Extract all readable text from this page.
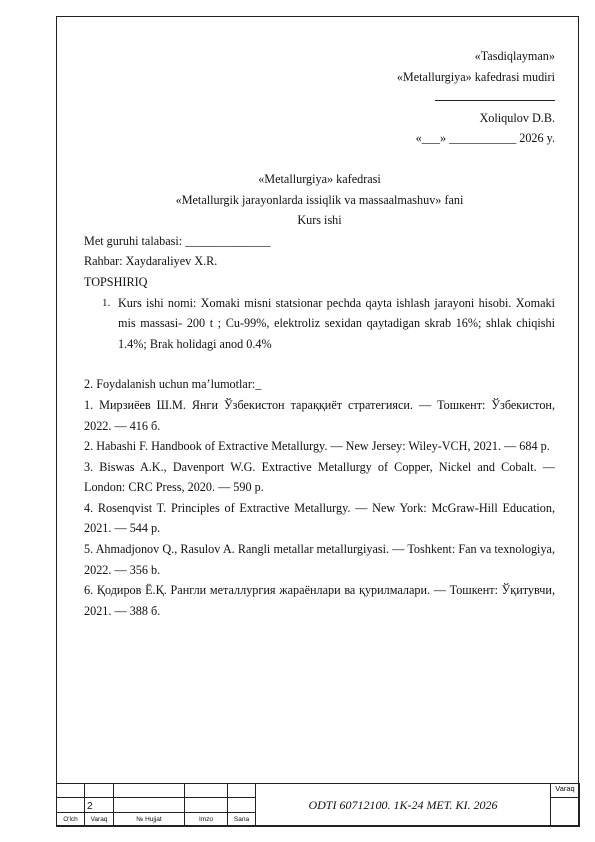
«Tasdiqlayman»
«Metallurgiya» kafedrasi mudiri
Xoliqulov D.B.
«___» ___________ 2026 y.
«Metallurgiya» kafedrasi
«Metallurgik jarayonlarda issiqlik va massaalmashuv» fani
Kurs ishi
Met guruhi talabasi: ______________
Rahbar: Xaydaraliyev X.R.
TOPSHIRIQ
1. Kurs ishi nomi: Xomaki misni statsionar pechda qayta ishlash jarayoni hisobi. Xomaki mis massasi- 200 t ; Cu-99%, elektroliz sexidan qaytadigan skrab 16%; shlak chiqishi 1.4%; Brak holidagi anod 0.4%
2. Foydalanish uchun ma’lumotlar:_
1. Мирзиёев Ш.М. Янги Ўзбекистон тараққиёт стратегияси. — Тошкент: Ўзбекистон, 2022. — 416 б.
2. Habashi F. Handbook of Extractive Metallurgy. — New Jersey: Wiley-VCH, 2021. — 684 p.
3. Biswas A.K., Davenport W.G. Extractive Metallurgy of Copper, Nickel and Cobalt. — London: CRC Press, 2020. — 590 p.
4. Rosenqvist T. Principles of Extractive Metallurgy. — New York: McGraw-Hill Education, 2021. — 544 p.
5. Ahmadjonov Q., Rasulov A. Rangli metallar metallurgiyasi. — Toshkent: Fan va texnologiya, 2022. — 356 b.
6. Қодиров Ё.Қ. Рангли металлургия жараёнлари ва қурилмалари. — Тошкент: Ўқитувчи, 2021. — 388 б.
					ODTI 60712100. 1K-24 MET. KI. 2026	Varaq
	2					
O'lch	Varaq	№ Hujjat	Imzo	Sana		
